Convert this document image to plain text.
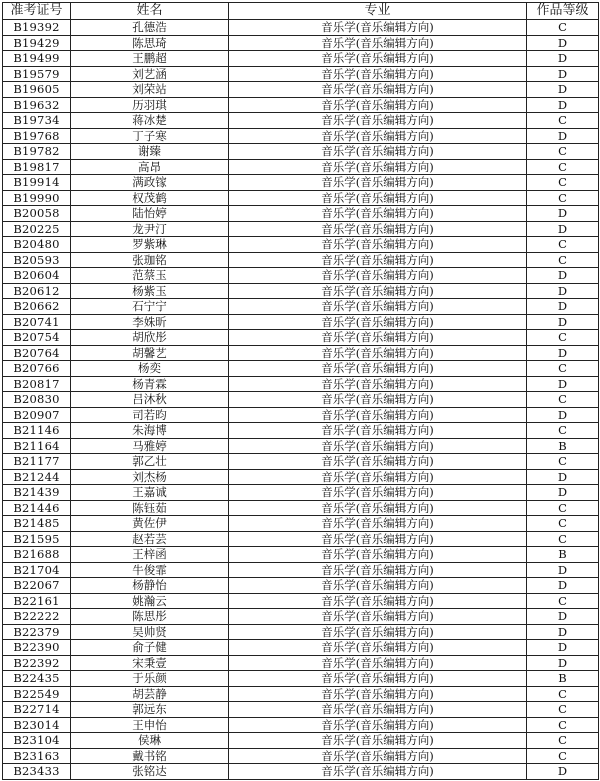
准考证号	姓名	专业	作品等级
B19392	孔德浩	音乐学(音乐编辑方向)	C
B19429	陈思琦	音乐学(音乐编辑方向)	D
B19499	王鹏超	音乐学(音乐编辑方向)	D
B19579	刘艺涵	音乐学(音乐编辑方向)	D
B19605	刘荣站	音乐学(音乐编辑方向)	D
B19632	历羽琪	音乐学(音乐编辑方向)	D
B19734	蒋冰楚	音乐学(音乐编辑方向)	C
B19768	丁子寒	音乐学(音乐编辑方向)	D
B19782	谢臻	音乐学(音乐编辑方向)	C
B19817	高昂	音乐学(音乐编辑方向)	C
B19914	满政镓	音乐学(音乐编辑方向)	C
B19990	权茂鹤	音乐学(音乐编辑方向)	C
B20058	陆怡婷	音乐学(音乐编辑方向)	D
B20225	龙尹汀	音乐学(音乐编辑方向)	D
B20480	罗紫琳	音乐学(音乐编辑方向)	C
B20593	张珈铭	音乐学(音乐编辑方向)	C
B20604	范蔡玉	音乐学(音乐编辑方向)	D
B20612	杨紫玉	音乐学(音乐编辑方向)	D
B20662	石宁宁	音乐学(音乐编辑方向)	D
B20741	李姝昕	音乐学(音乐编辑方向)	D
B20754	胡欣彤	音乐学(音乐编辑方向)	C
B20764	胡馨艺	音乐学(音乐编辑方向)	D
B20766	杨奕	音乐学(音乐编辑方向)	C
B20817	杨青霖	音乐学(音乐编辑方向)	D
B20830	吕沐秋	音乐学(音乐编辑方向)	C
B20907	司若昀	音乐学(音乐编辑方向)	D
B21146	朱海博	音乐学(音乐编辑方向)	C
B21164	马雅婷	音乐学(音乐编辑方向)	B
B21177	郭乙壮	音乐学(音乐编辑方向)	C
B21244	刘杰杨	音乐学(音乐编辑方向)	D
B21439	王嘉诚	音乐学(音乐编辑方向)	D
B21446	陈钰茹	音乐学(音乐编辑方向)	C
B21485	黄佐伊	音乐学(音乐编辑方向)	C
B21595	赵若芸	音乐学(音乐编辑方向)	C
B21688	王梓函	音乐学(音乐编辑方向)	B
B21704	牛俊霏	音乐学(音乐编辑方向)	D
B22067	杨静怡	音乐学(音乐编辑方向)	D
B22161	姚瀚云	音乐学(音乐编辑方向)	C
B22222	陈思彤	音乐学(音乐编辑方向)	D
B22379	吴帅贤	音乐学(音乐编辑方向)	D
B22390	俞子健	音乐学(音乐编辑方向)	D
B22392	宋秉壹	音乐学(音乐编辑方向)	D
B22435	于乐颜	音乐学(音乐编辑方向)	B
B22549	胡芸静	音乐学(音乐编辑方向)	C
B22714	郭远东	音乐学(音乐编辑方向)	C
B23014	王申怡	音乐学(音乐编辑方向)	C
B23104	侯琳	音乐学(音乐编辑方向)	C
B23163	戴书铭	音乐学(音乐编辑方向)	C
B23433	张铭达	音乐学(音乐编辑方向)	D
